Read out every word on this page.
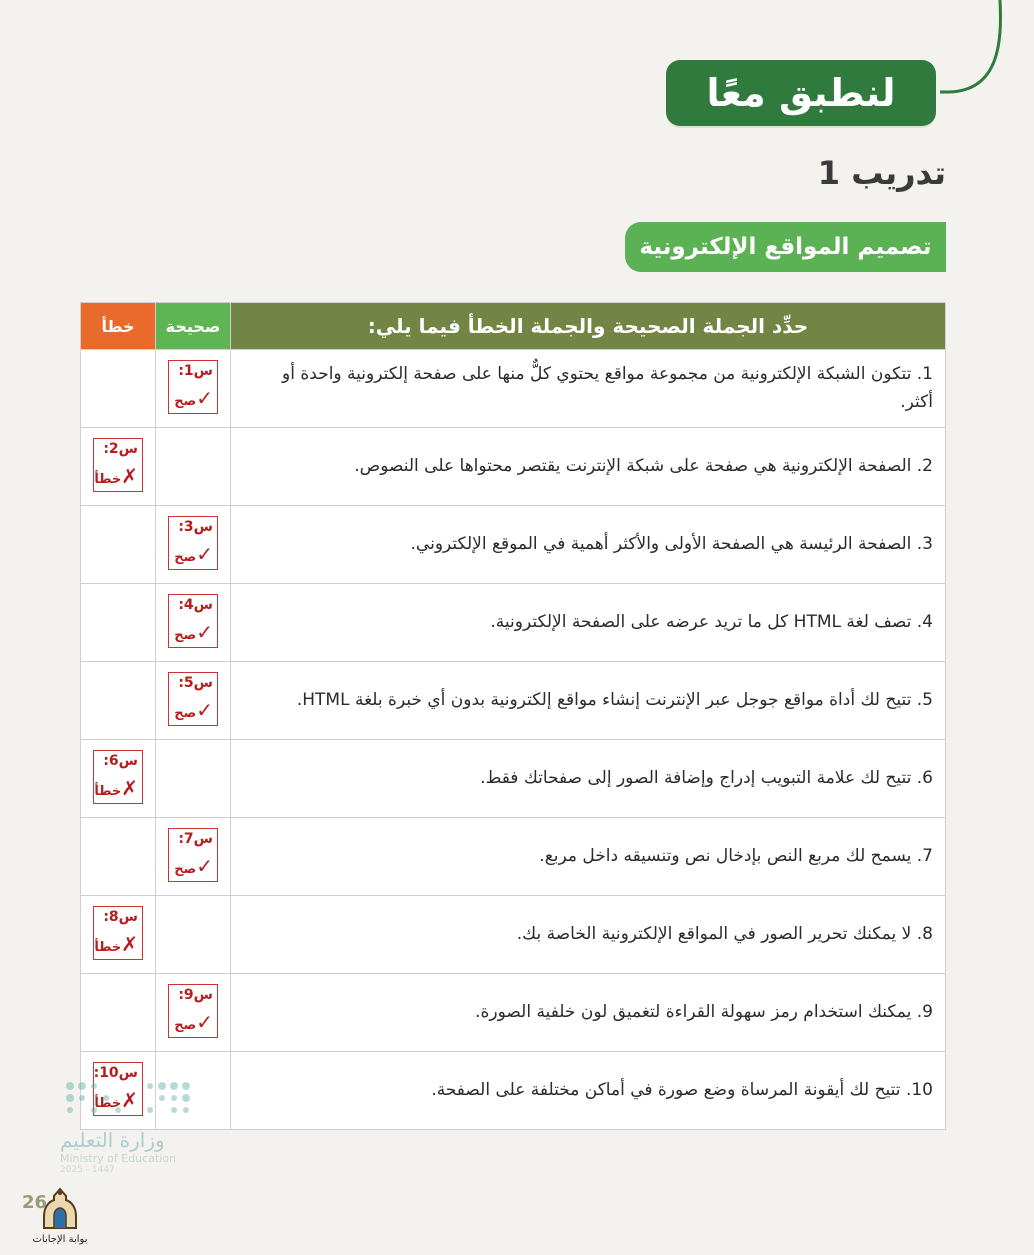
لنطبق معًا
تدريب 1
تصميم المواقع الإلكترونية
حدِّد الجملة الصحيحة والجملة الخطأ فيما يلي:	صحيحة	خطأ
1. تتكون الشبكة الإلكترونية من مجموعة مواقع يحتوي كلٌّ منها على صفحة إلكترونية واحدة أو أكثر.	س1:
✓صح	

2. الصفحة الإلكترونية هي صفحة على شبكة الإنترنت يقتصر محتواها على النصوص.		س2:
✗خطأ

3. الصفحة الرئيسة هي الصفحة الأولى والأكثر أهمية في الموقع الإلكتروني.	س3:
✓صح	

4. تصف لغة HTML كل ما تريد عرضه على الصفحة الإلكترونية.	س4:
✓صح	

5. تتيح لك أداة مواقع جوجل عبر الإنترنت إنشاء مواقع إلكترونية بدون أي خبرة بلغة HTML.	س5:
✓صح	

6. تتيح لك علامة التبويب إدراج وإضافة الصور إلى صفحاتك فقط.		س6:
✗خطأ

7. يسمح لك مربع النص بإدخال نص وتنسيقه داخل مربع.	س7:
✓صح	

8. لا يمكنك تحرير الصور في المواقع الإلكترونية الخاصة بك.		س8:
✗خطأ

9. يمكنك استخدام رمز سهولة القراءة لتغميق لون خلفية الصورة.	س9:
✓صح	

10. تتيح لك أيقونة المرساة وضع صورة في أماكن مختلفة على الصفحة.		س10:
✗خطأ
وزارة التعليم
Ministry of Education
2025 - 1447
26
بوابة الإجابات
